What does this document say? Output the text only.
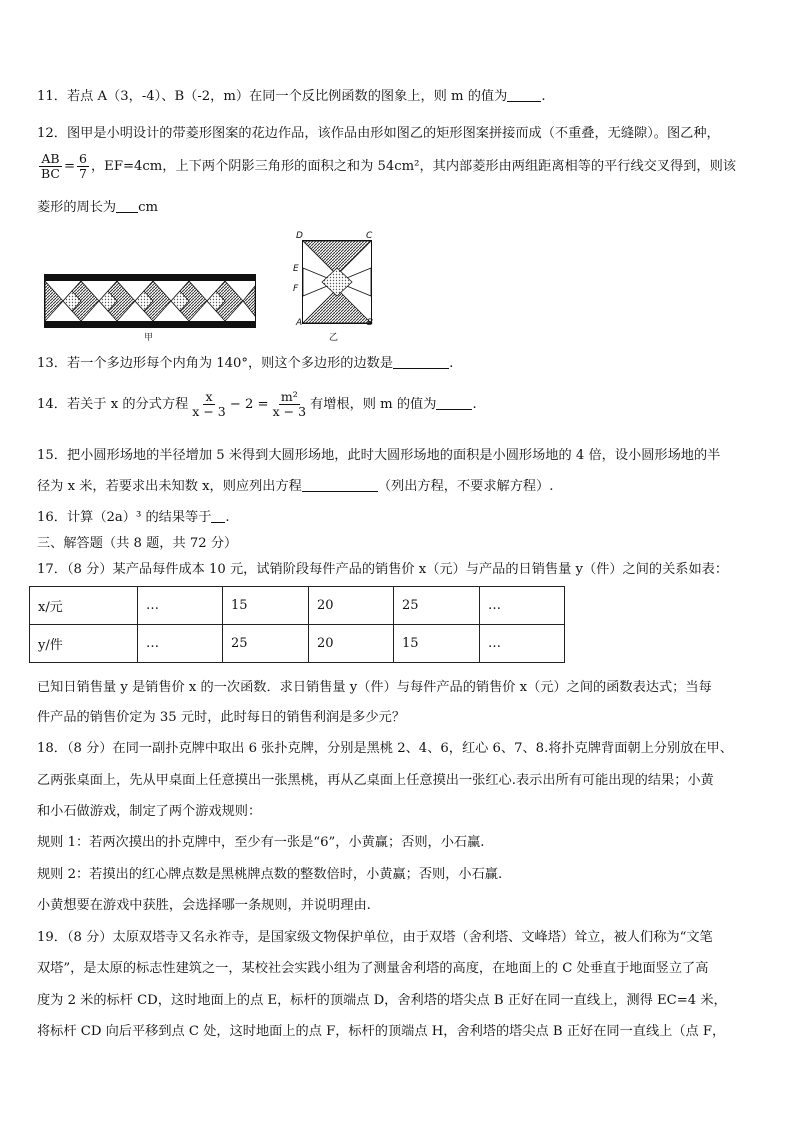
11．若点 A（3，-4）、B（-2，m）在同一个反比例函数的图象上，则 m 的值为	.
12．图甲是小明设计的带菱形图案的花边作品，该作品由形如图乙的矩形图案拼接而成（不重叠，无缝隙）。图乙种，
$\frac{AB}{BC} = \frac{6}{7}$ ，EF=4cm，上下两个阴影三角形的面积之和为 54cm²，其内部菱形由两组距离相等的平行线交叉得到，则该
菱形的周长为 cm
甲
D	C
E
F
A	B
乙
13．若一个多边形每个内角为 140°，则这个多边形的边数是	.
14．若关于 x 的分式方程 $\frac{x}{x - 3} - 2 = \frac{\text{m²}}{x - 3}$ 有增根，则 m 的值为	.
15．把小圆形场地的半径增加 5 米得到大圆形场地，此时大圆形场地的面积是小圆形场地的 4 倍，设小圆形场地的半
径为 x 米，若要求出未知数 x，则应列出方程	（列出方程，不要求解方程）.
16．计算（2a）³ 的结果等于 .
三、解答题（共 8 题，共 72 分）
17．（8 分）某产品每件成本 10 元，试销阶段每件产品的销售价 x（元）与产品的日销售量 y（件）之间的关系如表：
x/元	…	15	20	25	…
y/件	…	25	20	15	…
已知日销售量 y 是销售价 x 的一次函数．求日销售量 y（件）与每件产品的销售价 x（元）之间的函数表达式；当每
件产品的销售价定为 35 元时，此时每日的销售利润是多少元？
18．（8 分）在同一副扑克牌中取出 6 张扑克牌，分别是黑桃 2、4、6，红心 6、7、8.将扑克牌背面朝上分别放在甲、
乙两张桌面上，先从甲桌面上任意摸出一张黑桃，再从乙桌面上任意摸出一张红心.表示出所有可能出现的结果；小黄
和小石做游戏，制定了两个游戏规则：
规则 1：若两次摸出的扑克牌中，至少有一张是“6”，小黄赢；否则，小石赢.
规则 2：若摸出的红心牌点数是黑桃牌点数的整数倍时，小黄赢；否则，小石赢.
小黄想要在游戏中获胜，会选择哪一条规则，并说明理由.
19．（8 分）太原双塔寺又名永祚寺，是国家级文物保护单位，由于双塔（舍利塔、文峰塔）耸立，被人们称为“文笔
双塔”，是太原的标志性建筑之一，某校社会实践小组为了测量舍利塔的高度，在地面上的 C 处垂直于地面竖立了高
度为 2 米的标杆 CD，这时地面上的点 E，标杆的顶端点 D，舍利塔的塔尖点 B 正好在同一直线上，测得 EC=4 米，
将标杆 CD 向后平移到点 C 处，这时地面上的点 F，标杆的顶端点 H，舍利塔的塔尖点 B 正好在同一直线上（点 F，
